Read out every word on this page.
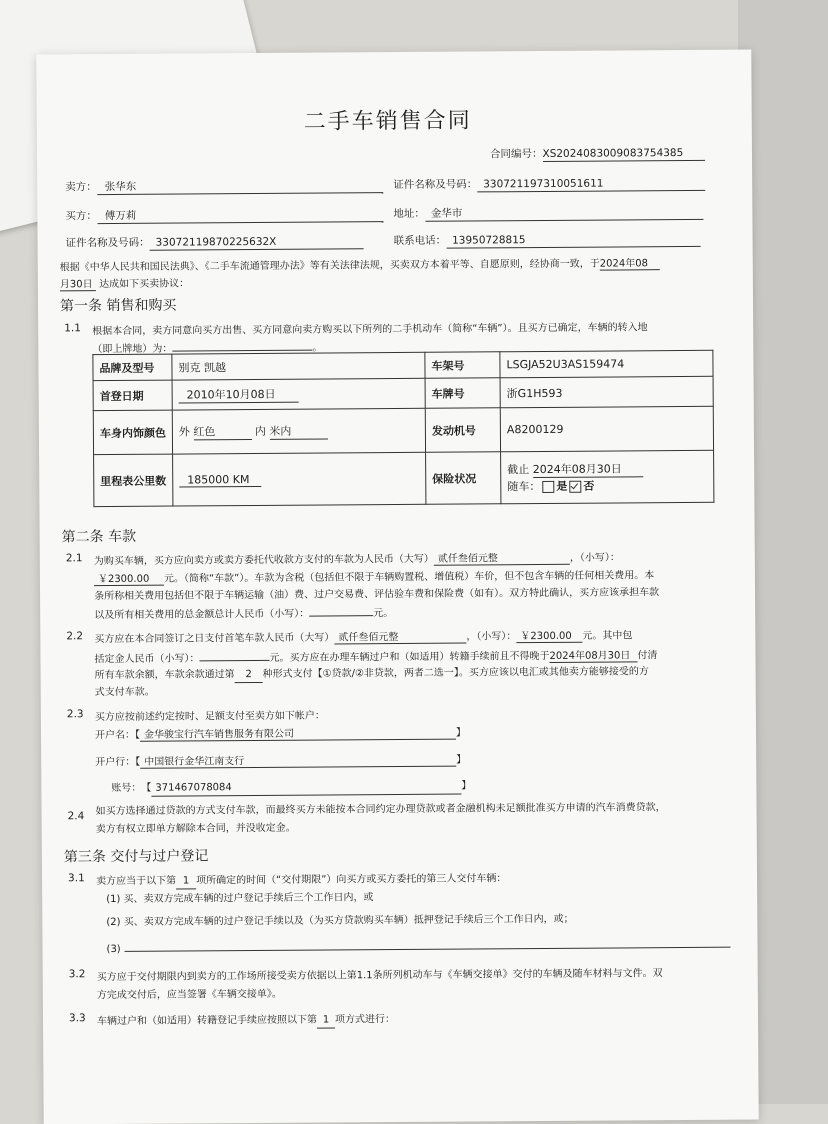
二手车销售合同
合同编号：XS2024083009083754385
卖方： 张华东	证件名称及号码： 330721197310051611
买方： 傅万莉	地址： 金华市
证件名称及号码： 33072119870225632X	联系电话： 13950728815
根据《中华人民共和国民法典》、《二手车流通管理办法》等有关法律法规，买卖双方本着平等、自愿原则，经协商一致，于2024年08
月30日 达成如下买卖协议：
第一条 销售和购买
1.1 根据本合同，卖方同意向买方出售、买方同意向卖方购买以下所列的二手机动车（简称“车辆”）。且买方已确定，车辆的转入地
（即上牌地）为：	。
品牌及型号	别克 凯越	车架号	LSGJA52U3AS159474
首登日期	2010年10月08日	车牌号	浙G1H593
车身内饰颜色	外 红色 内 米内	发动机号	A8200129
里程表公里数	185000 KM	保险状况	截止 2024年08月30日
随车： 是 否
第二条 车款
2.1 为购买车辆，买方应向卖方或卖方委托代收款方支付的车款为人民币（大写） 贰仟叁佰元整	，（小写）：
￥2300.00 元。（简称“车款”）。车款为含税（包括但不限于车辆购置税、增值税）车价，但不包含车辆的任何相关费用。本
条所称相关费用包括但不限于车辆运输（油）费、过户交易费、评估验车费和保险费（如有）。双方特此确认，买方应该承担车款
以及所有相关费用的总金额总计人民币（小写）：	元。
2.2 买方应在本合同签订之日支付首笔车款人民币（大写） 贰仟叁佰元整	，（小写）： ￥2300.00 元。其中包
括定金人民币（小写）：	元。买方应在办理车辆过户和（如适用）转籍手续前且不得晚于2024年08月30日 付清
所有车款余额，车款余款通过第 2 种形式支付【①贷款/②非贷款，两者二选一】。买方应该以电汇或其他卖方能够接受的方
式支付车款。
2.3 买方应按前述约定按时、足额支付至卖方如下帐户：
开户名：【 金华骏宝行汽车销售服务有限公司	】
开户行：【 中国银行金华江南支行	】
账号：【 371467078084	】
2.4 如买方选择通过贷款的方式支付车款，而最终买方未能按本合同约定办理贷款或者金融机构未足额批准买方申请的汽车消费贷款，
卖方有权立即单方解除本合同，并没收定金。
第三条 交付与过户登记
3.1 卖方应当于以下第 1 项所确定的时间（“交付期限”）向买方或买方委托的第三人交付车辆：
(1) 买、卖双方完成车辆的过户登记手续后三个工作日内，或
(2) 买、卖双方完成车辆的过户登记手续以及（为买方贷款购买车辆）抵押登记手续后三个工作日内，或；
(3)
3.2 买方应于交付期限内到卖方的工作场所接受卖方依据以上第1.1条所列机动车与《车辆交接单》交付的车辆及随车材料与文件。双
方完成交付后，应当签署《车辆交接单》。
3.3 车辆过户和（如适用）转籍登记手续应按照以下第 1 项方式进行：
